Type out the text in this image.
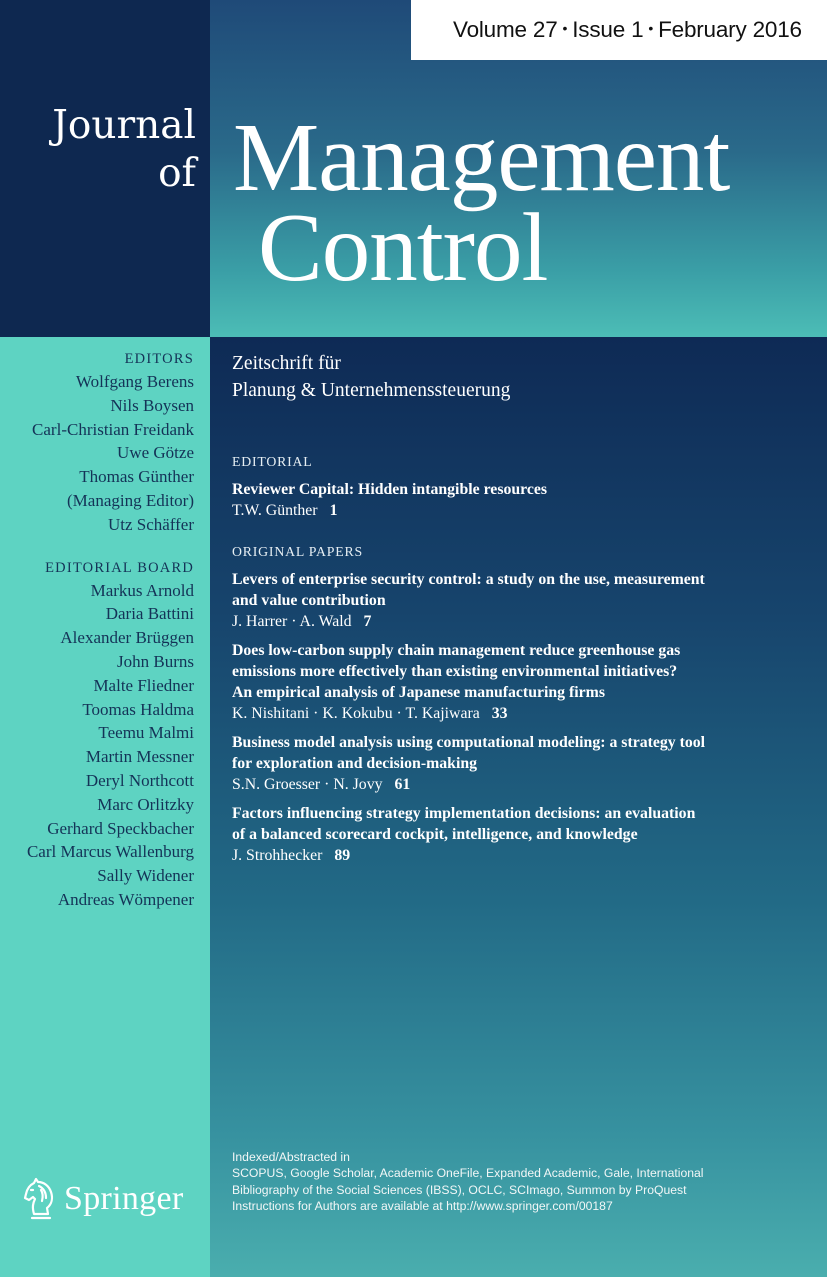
Volume 27 • Issue 1 • February 2016
Journal
of Management
Control
EDITORS
Wolfgang Berens
Nils Boysen
Carl-Christian Freidank
Uwe Götze
Thomas Günther
(Managing Editor)
Utz Schäffer
EDITORIAL BOARD
Markus Arnold
Daria Battini
Alexander Brüggen
John Burns
Malte Fliedner
Toomas Haldma
Teemu Malmi
Martin Messner
Deryl Northcott
Marc Orlitzky
Gerhard Speckbacher
Carl Marcus Wallenburg
Sally Widener
Andreas Wömpener
Zeitschrift für
Planung & Unternehmenssteuerung
EDITORIAL
Reviewer Capital: Hidden intangible resources
T.W. Günther 1
ORIGINAL PAPERS
Levers of enterprise security control: a study on the use, measurement
and value contribution
J. Harrer · A. Wald 7
Does low-carbon supply chain management reduce greenhouse gas
emissions more effectively than existing environmental initiatives?
An empirical analysis of Japanese manufacturing firms
K. Nishitani · K. Kokubu · T. Kajiwara 33
Business model analysis using computational modeling: a strategy tool
for exploration and decision-making
S.N. Groesser · N. Jovy 61
Factors influencing strategy implementation decisions: an evaluation
of a balanced scorecard cockpit, intelligence, and knowledge
J. Strohhecker 89
Indexed/Abstracted in
SCOPUS, Google Scholar, Academic OneFile, Expanded Academic, Gale, International
Bibliography of the Social Sciences (IBSS), OCLC, SCImago, Summon by ProQuest
Instructions for Authors are available at http://www.springer.com/00187
Springer
